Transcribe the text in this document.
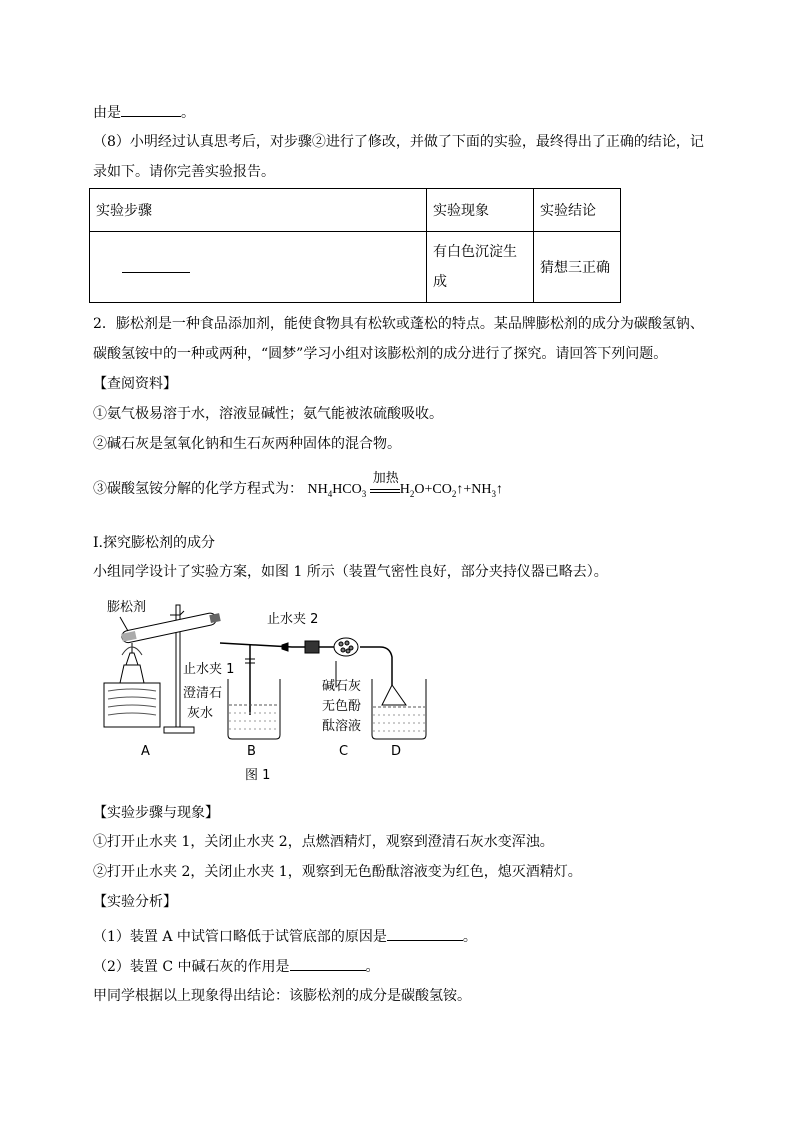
由是	。
（8）小明经过认真思考后，对步骤②进行了修改，并做了下面的实验，最终得出了正确的结论，记
录如下。请你完善实验报告。
实验步骤	实验现象	实验结论

	有白色沉淀生
成	猜想三正确
2．膨松剂是一种食品添加剂，能使食物具有松软或蓬松的特点。某品牌膨松剂的成分为碳酸氢钠、
碳酸氢铵中的一种或两种，“圆梦”学习小组对该膨松剂的成分进行了探究。请回答下列问题。
【查阅资料】
①氨气极易溶于水，溶液显碱性；氨气能被浓硫酸吸收。
②碱石灰是氢氧化钠和生石灰两种固体的混合物。
③碳酸氢铵分解的化学方程式为： $NH_4HCO_3$
加热
$H_2O+CO_2↑+NH_3↑$
Ⅰ.探究膨松剂的成分
小组同学设计了实验方案，如图 1 所示（装置气密性良好，部分夹持仪器已略去）。
膨松剂
止水夹 2
止水夹 1
澄清石
灰水
碱石灰
无色酚
酞溶液
A	B	C	D
图 1
【实验步骤与现象】
①打开止水夹 1，关闭止水夹 2，点燃酒精灯，观察到澄清石灰水变浑浊。
②打开止水夹 2，关闭止水夹 1，观察到无色酚酞溶液变为红色，熄灭酒精灯。
【实验分析】
（1）装置 A 中试管口略低于试管底部的原因是	。
（2）装置 C 中碱石灰的作用是	。
甲同学根据以上现象得出结论：该膨松剂的成分是碳酸氢铵。
